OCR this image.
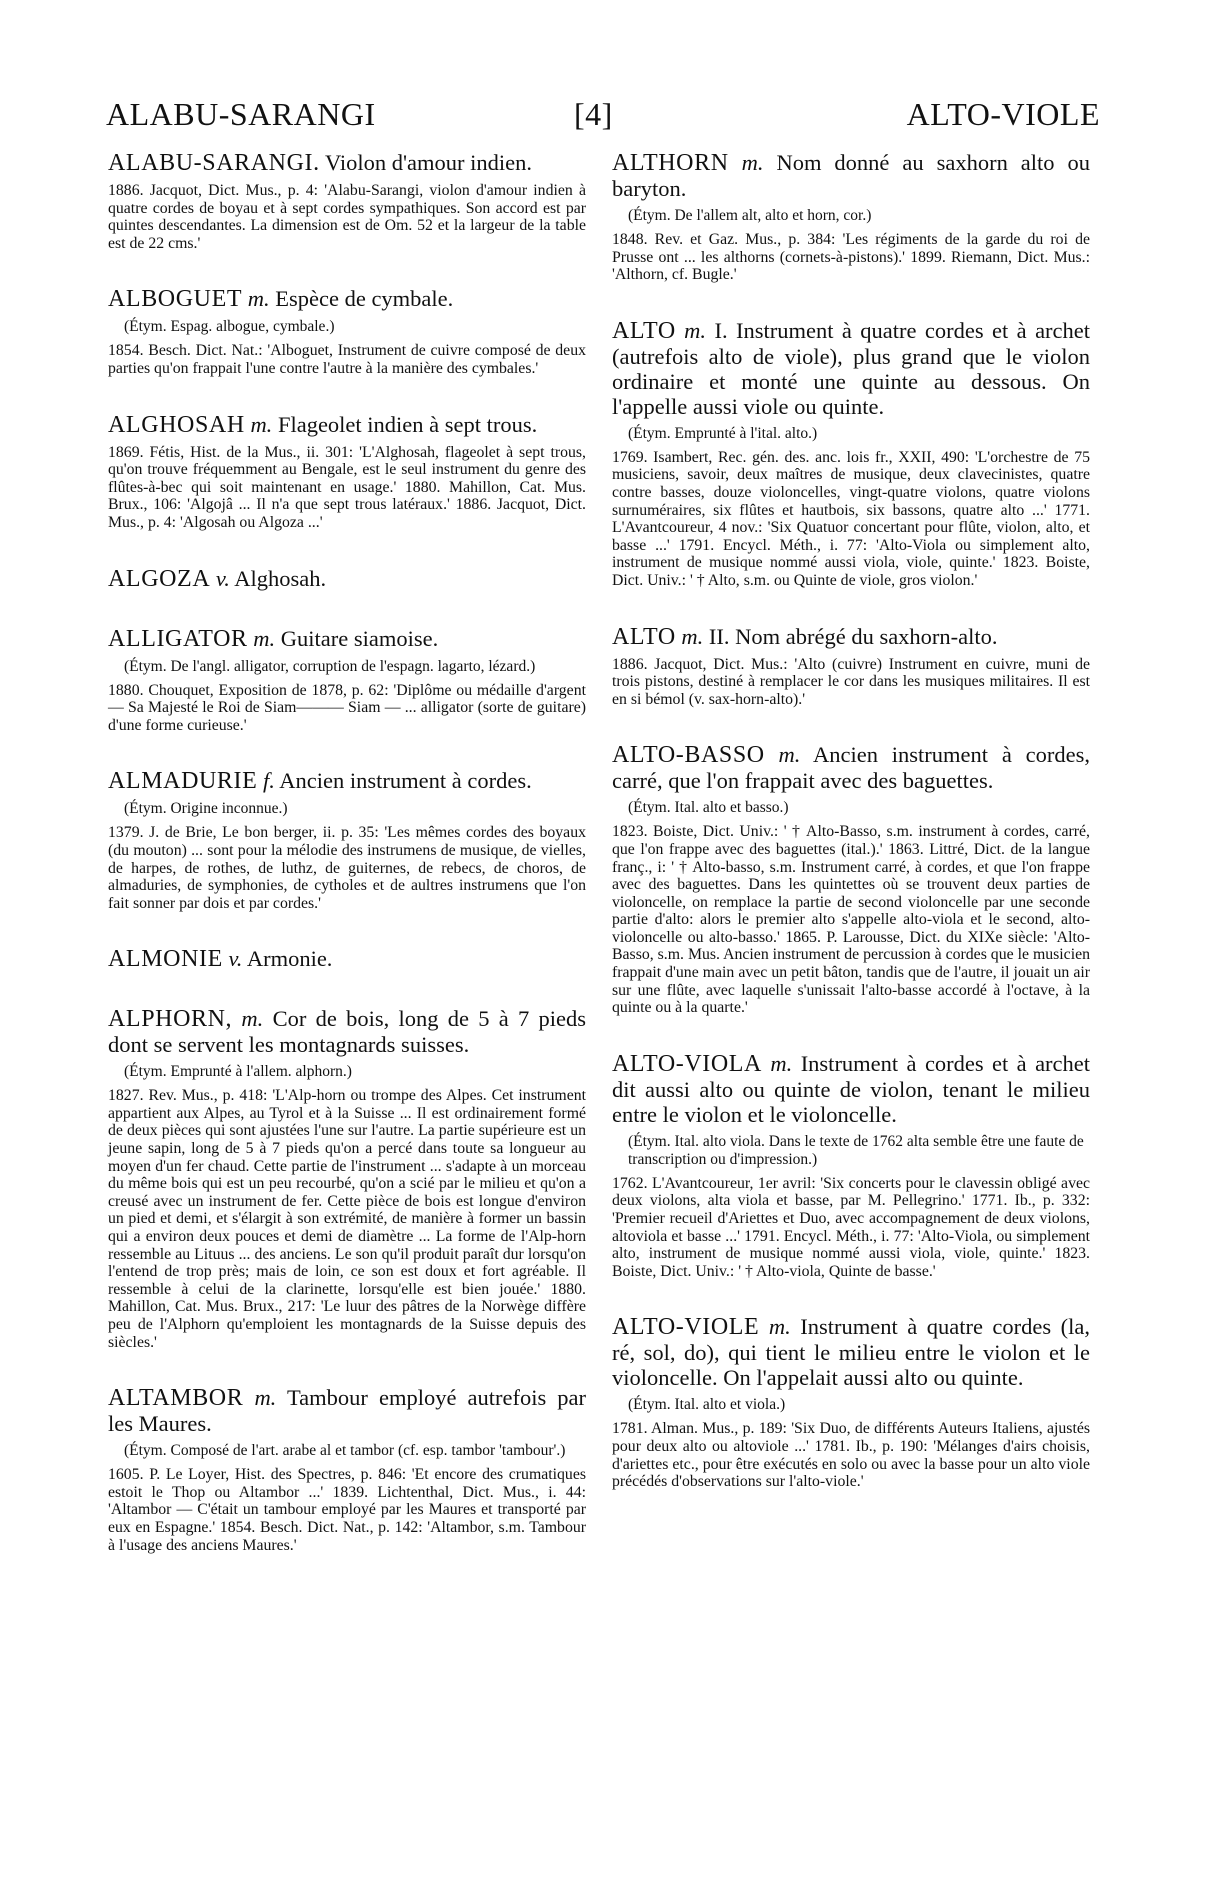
ALABU-SARANGI	[4]	ALTO-VIOLE

ALABU-SARANGI. Violon d'amour indien.

1886. Jacquot, Dict. Mus., p. 4: 'Alabu-Sarangi, violon d'amour indien à quatre cordes de boyau et à sept cordes sympathiques. Son accord est par quintes descendantes. La dimension est de Om. 52 et la largeur de la table est de 22 cms.'

ALBOGUET m. Espèce de cymbale.

(Étym. Espag. albogue, cymbale.)

1854. Besch. Dict. Nat.: 'Alboguet, Instrument de cuivre composé de deux parties qu'on frappait l'une contre l'autre à la manière des cymbales.'

ALGHOSAH m. Flageolet indien à sept trous.

1869. Fétis, Hist. de la Mus., ii. 301: 'L'Alghosah, flageolet à sept trous, qu'on trouve fréquemment au Bengale, est le seul instrument du genre des flûtes-à-bec qui soit maintenant en usage.' 1880. Mahillon, Cat. Mus. Brux., 106: 'Algojâ ... Il n'a que sept trous latéraux.' 1886. Jacquot, Dict. Mus., p. 4: 'Algosah ou Algoza ...'

ALGOZA v. Alghosah.

ALLIGATOR m. Guitare siamoise.

(Étym. De l'angl. alligator, corruption de l'espagn. lagarto, lézard.)

1880. Chouquet, Exposition de 1878, p. 62: 'Diplôme ou médaille d'argent — Sa Majesté le Roi de Siam——— Siam — ... alligator (sorte de guitare) d'une forme curieuse.'

ALMADURIE f. Ancien instrument à cordes.

(Étym. Origine inconnue.)

1379. J. de Brie, Le bon berger, ii. p. 35: 'Les mêmes cordes des boyaux (du mouton) ... sont pour la mélodie des instrumens de musique, de vielles, de harpes, de rothes, de luthz, de guiternes, de rebecs, de choros, de almaduries, de symphonies, de cytholes et de aultres instrumens que l'on fait sonner par dois et par cordes.'

ALMONIE v. Armonie.

ALPHORN, m. Cor de bois, long de 5 à 7 pieds dont se servent les montagnards suisses.

(Étym. Emprunté à l'allem. alphorn.)

1827. Rev. Mus., p. 418: 'L'Alp-horn ou trompe des Alpes. Cet instrument appartient aux Alpes, au Tyrol et à la Suisse ... Il est ordinairement formé de deux pièces qui sont ajustées l'une sur l'autre. La partie supérieure est un jeune sapin, long de 5 à 7 pieds qu'on a percé dans toute sa longueur au moyen d'un fer chaud. Cette partie de l'instrument ... s'adapte à un morceau du même bois qui est un peu recourbé, qu'on a scié par le milieu et qu'on a creusé avec un instrument de fer. Cette pièce de bois est longue d'environ un pied et demi, et s'élargit à son extrémité, de manière à former un bassin qui a environ deux pouces et demi de diamètre ... La forme de l'Alp-horn ressemble au Lituus ... des anciens. Le son qu'il produit paraît dur lorsqu'on l'entend de trop près; mais de loin, ce son est doux et fort agréable. Il ressemble à celui de la clarinette, lorsqu'elle est bien jouée.' 1880. Mahillon, Cat. Mus. Brux., 217: 'Le luur des pâtres de la Norwège diffère peu de l'Alphorn qu'emploient les montagnards de la Suisse depuis des siècles.'

ALTAMBOR m. Tambour employé autrefois par les Maures.

(Étym. Composé de l'art. arabe al et tambor (cf. esp. tambor 'tambour'.)

1605. P. Le Loyer, Hist. des Spectres, p. 846: 'Et encore des crumatiques estoit le Thop ou Altambor ...' 1839. Lichtenthal, Dict. Mus., i. 44: 'Altambor — C'était un tambour employé par les Maures et transporté par eux en Espagne.' 1854. Besch. Dict. Nat., p. 142: 'Altambor, s.m. Tambour à l'usage des anciens Maures.'

ALTHORN m. Nom donné au saxhorn alto ou baryton.

(Étym. De l'allem alt, alto et horn, cor.)

1848. Rev. et Gaz. Mus., p. 384: 'Les régiments de la garde du roi de Prusse ont ... les althorns (cornets-à-pistons).' 1899. Riemann, Dict. Mus.: 'Althorn, cf. Bugle.'

ALTO m. I. Instrument à quatre cordes et à archet (autrefois alto de viole), plus grand que le violon ordinaire et monté une quinte au dessous. On l'appelle aussi viole ou quinte.

(Étym. Emprunté à l'ital. alto.)

1769. Isambert, Rec. gén. des. anc. lois fr., XXII, 490: 'L'orchestre de 75 musiciens, savoir, deux maîtres de musique, deux clavecinistes, quatre contre basses, douze violoncelles, vingt-quatre violons, quatre violons surnuméraires, six flûtes et hautbois, six bassons, quatre alto ...' 1771. L'Avantcoureur, 4 nov.: 'Six Quatuor concertant pour flûte, violon, alto, et basse ...' 1791. Encycl. Méth., i. 77: 'Alto-Viola ou simplement alto, instrument de musique nommé aussi viola, viole, quinte.' 1823. Boiste, Dict. Univ.: ' † Alto, s.m. ou Quinte de viole, gros violon.'

ALTO m. II. Nom abrégé du saxhorn-alto.

1886. Jacquot, Dict. Mus.: 'Alto (cuivre) Instrument en cuivre, muni de trois pistons, destiné à remplacer le cor dans les musiques militaires. Il est en si bémol (v. sax-horn-alto).'

ALTO-BASSO m. Ancien instrument à cordes, carré, que l'on frappait avec des baguettes.

(Étym. Ital. alto et basso.)

1823. Boiste, Dict. Univ.: ' † Alto-Basso, s.m. instrument à cordes, carré, que l'on frappe avec des baguettes (ital.).' 1863. Littré, Dict. de la langue franç., i: ' † Alto-basso, s.m. Instrument carré, à cordes, et que l'on frappe avec des baguettes. Dans les quintettes où se trouvent deux parties de violoncelle, on remplace la partie de second violoncelle par une seconde partie d'alto: alors le premier alto s'appelle alto-viola et le second, alto-violoncelle ou alto-basso.' 1865. P. Larousse, Dict. du XIXe siècle: 'Alto-Basso, s.m. Mus. Ancien instrument de percussion à cordes que le musicien frappait d'une main avec un petit bâton, tandis que de l'autre, il jouait un air sur une flûte, avec laquelle s'unissait l'alto-basse accordé à l'octave, à la quinte ou à la quarte.'

ALTO-VIOLA m. Instrument à cordes et à archet dit aussi alto ou quinte de violon, tenant le milieu entre le violon et le violoncelle.

(Étym. Ital. alto viola. Dans le texte de 1762 alta semble être une faute de transcription ou d'impression.)

1762. L'Avantcoureur, 1er avril: 'Six concerts pour le clavessin obligé avec deux violons, alta viola et basse, par M. Pellegrino.' 1771. Ib., p. 332: 'Premier recueil d'Ariettes et Duo, avec accompagnement de deux violons, altoviola et basse ...' 1791. Encycl. Méth., i. 77: 'Alto-Viola, ou simplement alto, instrument de musique nommé aussi viola, viole, quinte.' 1823. Boiste, Dict. Univ.: ' † Alto-viola, Quinte de basse.'

ALTO-VIOLE m. Instrument à quatre cordes (la, ré, sol, do), qui tient le milieu entre le violon et le violoncelle. On l'appelait aussi alto ou quinte.

(Étym. Ital. alto et viola.)

1781. Alman. Mus., p. 189: 'Six Duo, de différents Auteurs Italiens, ajustés pour deux alto ou altoviole ...' 1781. Ib., p. 190: 'Mélanges d'airs choisis, d'ariettes etc., pour être exécutés en solo ou avec la basse pour un alto viole précédés d'observations sur l'alto-viole.'
